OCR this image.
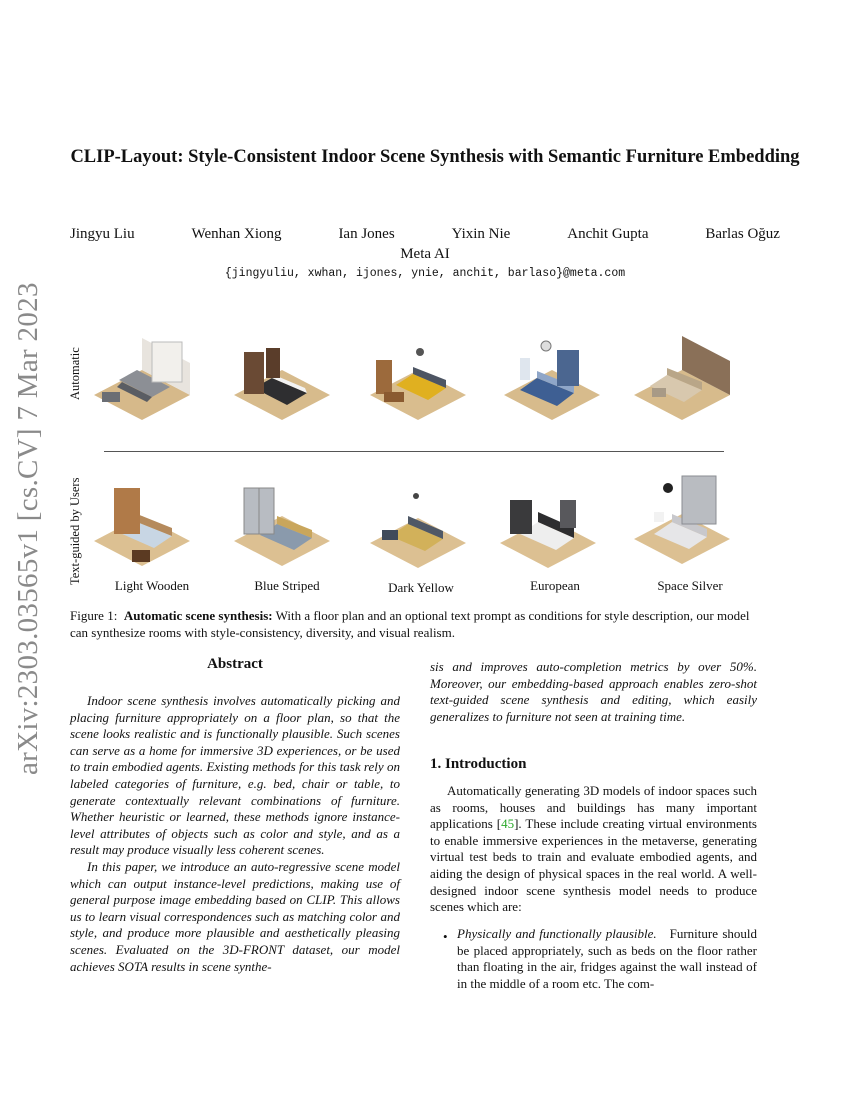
arXiv:2303.03565v1 [cs.CV] 7 Mar 2023
CLIP-Layout: Style-Consistent Indoor Scene Synthesis with Semantic Furniture Embedding
Jingyu Liu	Wenhan Xiong	Ian Jones	Yixin Nie	Anchit Gupta	Barlas Oğuz
Meta AI
{jingyuliu, xwhan, ijones, ynie, anchit, barlaso}@meta.com
Automatic
Text-guided by Users
Light Wooden	Blue Striped	Dark Yellow	European	Space Silver
Figure 1: Automatic scene synthesis: With a floor plan and an optional text prompt as conditions for style description, our model can synthesize rooms with style-consistency, diversity, and visual realism.
Abstract

Indoor scene synthesis involves automatically picking and placing furniture appropriately on a floor plan, so that the scene looks realistic and is functionally plausible. Such scenes can serve as a home for immersive 3D experiences, or be used to train embodied agents. Existing methods for this task rely on labeled categories of furniture, e.g. bed, chair or table, to generate contextually relevant combinations of furniture. Whether heuristic or learned, these methods ignore instance-level attributes of objects such as color and style, and as a result may produce visually less coherent scenes.

In this paper, we introduce an auto-regressive scene model which can output instance-level predictions, making use of general purpose image embedding based on CLIP. This allows us to learn visual correspondences such as matching color and style, and produce more plausible and aesthetically pleasing scenes. Evaluated on the 3D-FRONT dataset, our model achieves SOTA results in scene synthe-

sis and improves auto-completion metrics by over 50%. Moreover, our embedding-based approach enables zero-shot text-guided scene synthesis and editing, which easily generalizes to furniture not seen at training time.
1. Introduction

Automatically generating 3D models of indoor spaces such as rooms, houses and buildings has many important applications [45]. These include creating virtual environments to enable immersive experiences in the metaverse, generating virtual test beds to train and evaluate embodied agents, and aiding the design of physical spaces in the real world. A well-designed indoor scene synthesis model needs to produce scenes which are:

• Physically and functionally plausible. Furniture should be placed appropriately, such as beds on the floor rather than floating in the air, fridges against the wall instead of in the middle of a room etc. The com-
